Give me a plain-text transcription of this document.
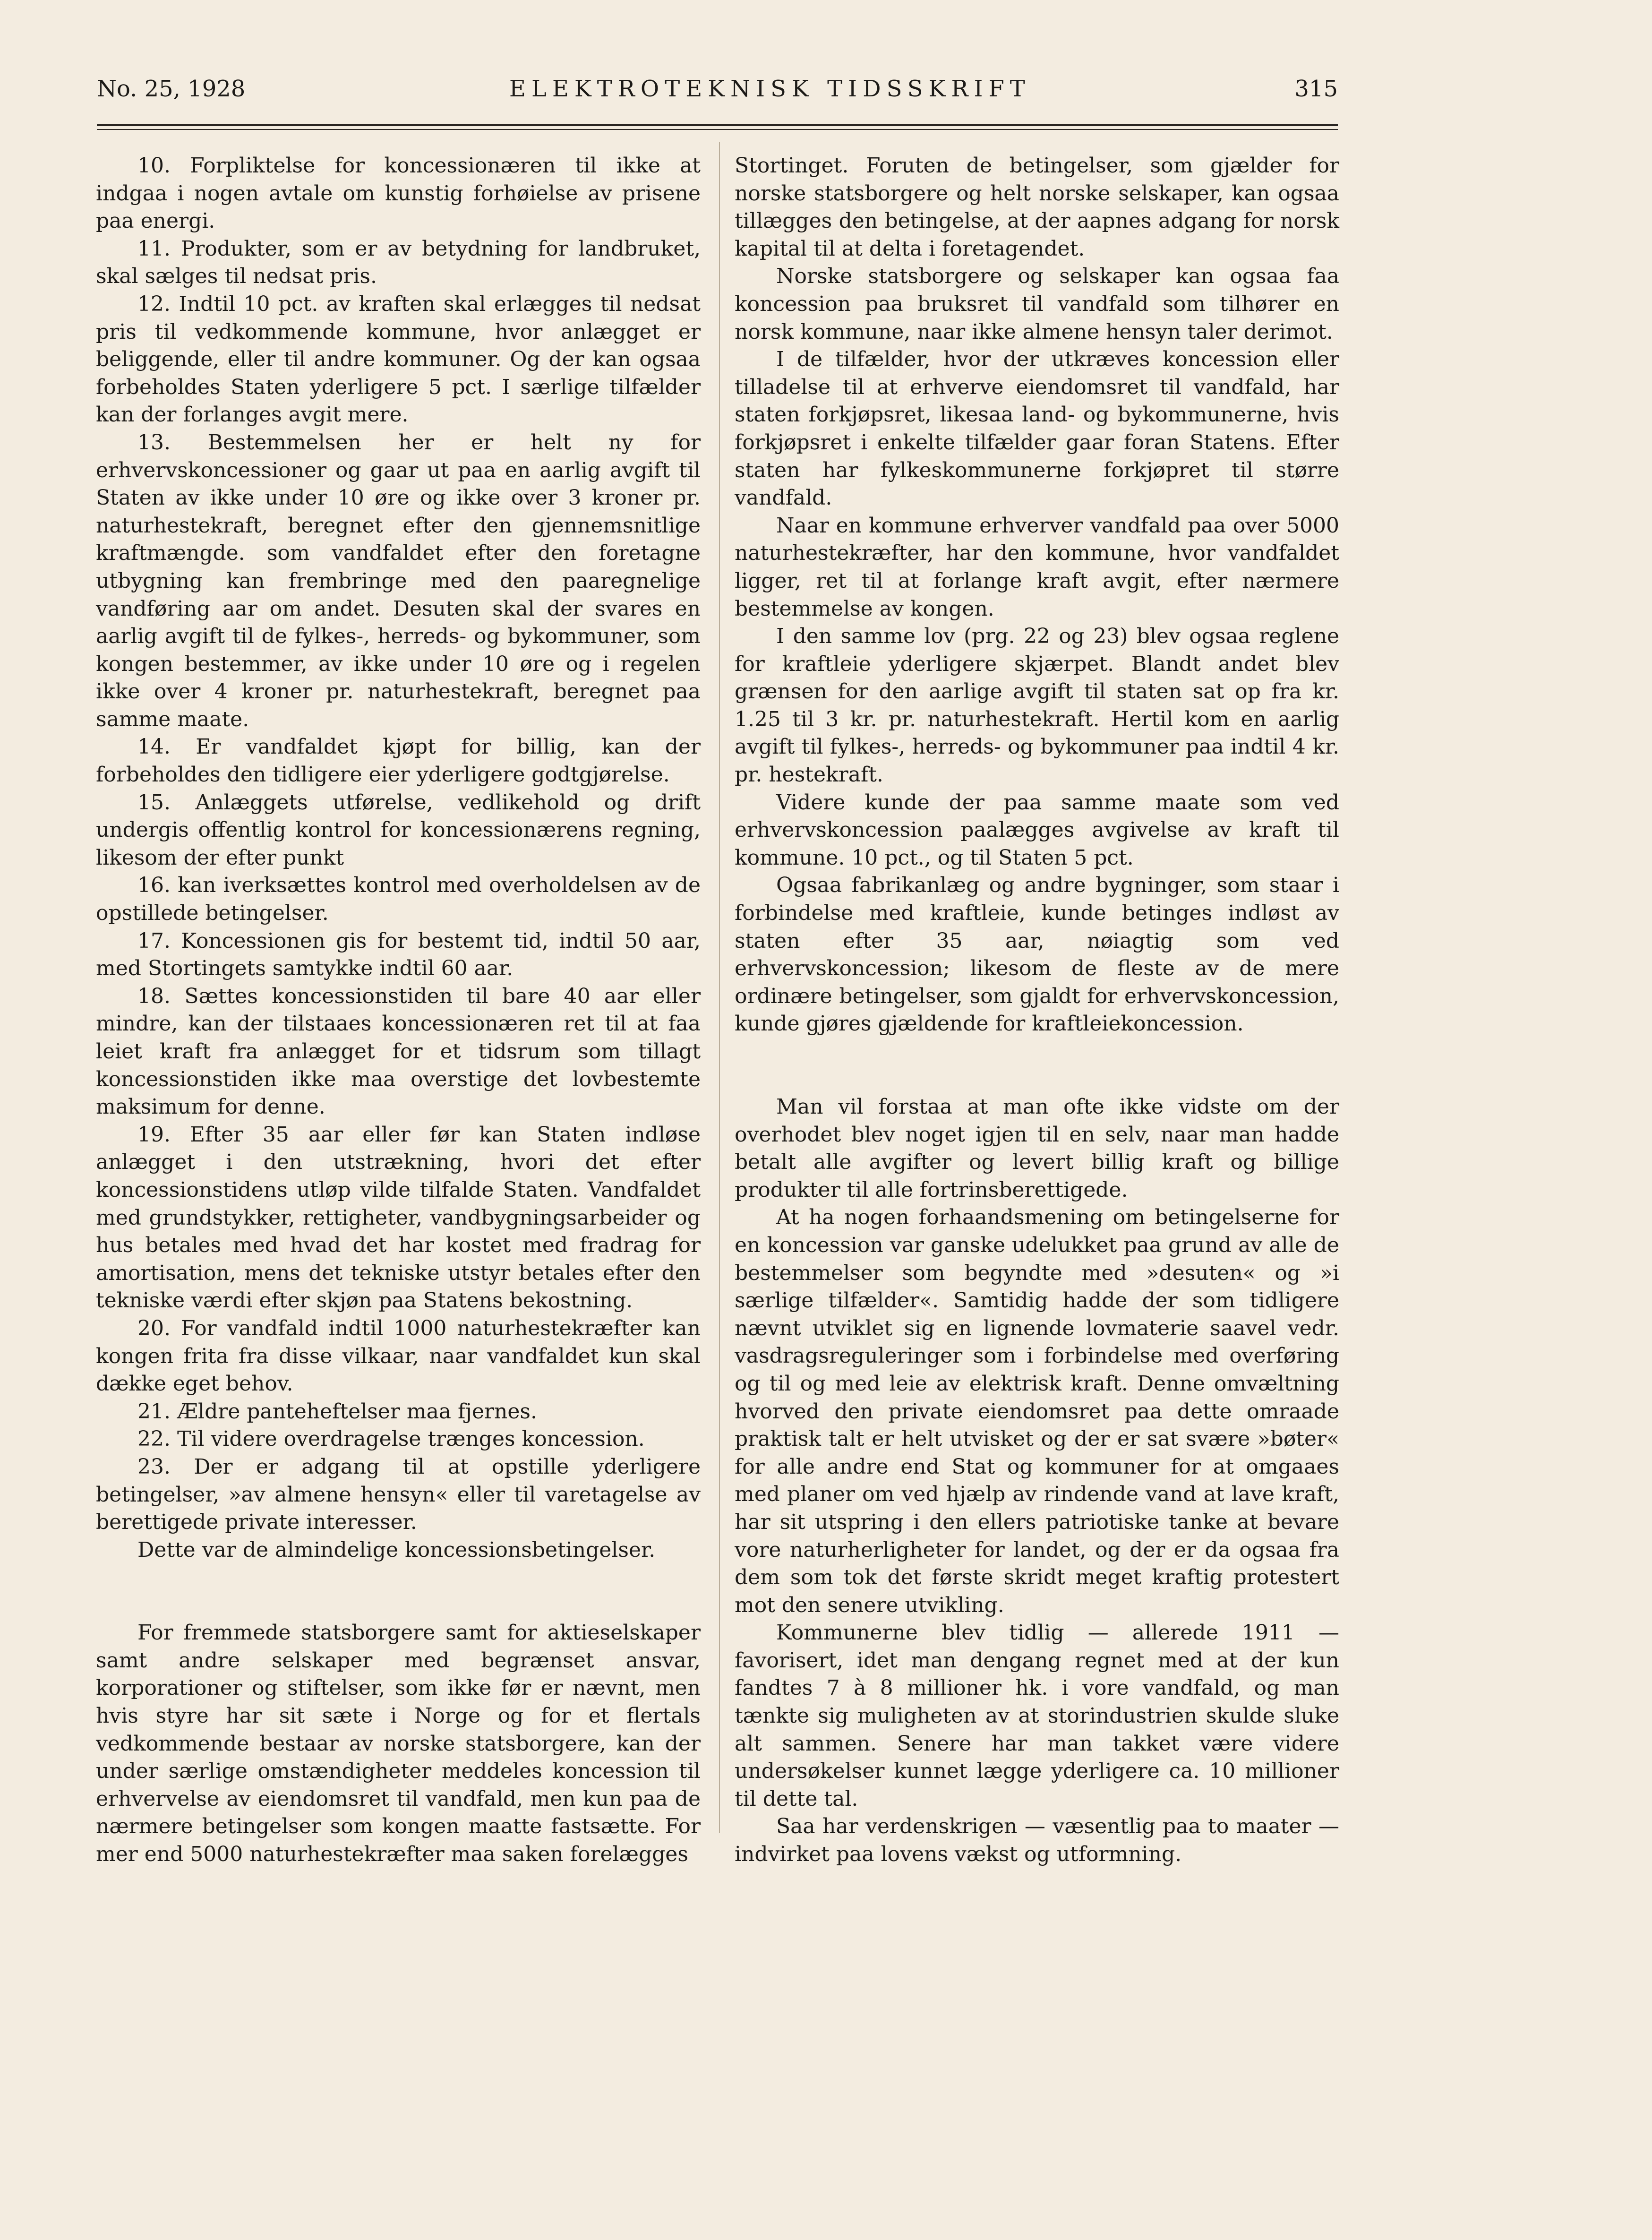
No. 25, 1928	ELEKTROTEKNISK TIDSSKRIFT	315

10. Forpliktelse for koncessionæren til ikke at indgaa i nogen avtale om kunstig forhøielse av prisene paa energi.

11. Produkter, som er av betydning for landbruket, skal sælges til nedsat pris.

12. Indtil 10 pct. av kraften skal erlægges til nedsat pris til vedkommende kommune, hvor anlægget er beliggende, eller til andre kommuner. Og der kan ogsaa forbeholdes Staten yderligere 5 pct. I særlige tilfælder kan der forlanges avgit mere.

13. Bestemmelsen her er helt ny for erhvervskoncessioner og gaar ut paa en aarlig avgift til Staten av ikke under 10 øre og ikke over 3 kroner pr. naturhestekraft, beregnet efter den gjennemsnitlige kraftmængde. som vandfaldet efter den foretagne utbygning kan frembringe med den paaregnelige vandføring aar om andet. Desuten skal der svares en aarlig avgift til de fylkes-, herreds- og bykommuner, som kongen bestemmer, av ikke under 10 øre og i regelen ikke over 4 kroner pr. naturhestekraft, beregnet paa samme maate.

14. Er vandfaldet kjøpt for billig, kan der forbeholdes den tidligere eier yderligere godtgjørelse.

15. Anlæggets utførelse, vedlikehold og drift undergis offentlig kontrol for koncessionærens regning, likesom der efter punkt

16. kan iverksættes kontrol med overholdelsen av de opstillede betingelser.

17. Koncessionen gis for bestemt tid, indtil 50 aar, med Stortingets samtykke indtil 60 aar.

18. Sættes koncessionstiden til bare 40 aar eller mindre, kan der tilstaaes koncessionæren ret til at faa leiet kraft fra anlægget for et tidsrum som tillagt koncessionstiden ikke maa overstige det lovbestemte maksimum for denne.

19. Efter 35 aar eller før kan Staten indløse anlægget i den utstrækning, hvori det efter koncessionstidens utløp vilde tilfalde Staten. Vandfaldet med grundstykker, rettigheter, vandbygningsarbeider og hus betales med hvad det har kostet med fradrag for amortisation, mens det tekniske utstyr betales efter den tekniske værdi efter skjøn paa Statens bekostning.

20. For vandfald indtil 1000 naturhestekræfter kan kongen frita fra disse vilkaar, naar vandfaldet kun skal dække eget behov.

21. Ældre panteheftelser maa fjernes.

22. Til videre overdragelse trænges koncession.

23. Der er adgang til at opstille yderligere betingelser, »av almene hensyn« eller til varetagelse av berettigede private interesser.

Dette var de almindelige koncessionsbetingelser.

For fremmede statsborgere samt for aktieselskaper samt andre selskaper med begrænset ansvar, korporationer og stiftelser, som ikke før er nævnt, men hvis styre har sit sæte i Norge og for et flertals vedkommende bestaar av norske statsborgere, kan der under særlige omstændigheter meddeles koncession til erhvervelse av eiendomsret til vandfald, men kun paa de nærmere betingelser som kongen maatte fastsætte. For mer end 5000 naturhestekræfter maa saken forelægges

Stortinget. Foruten de betingelser, som gjælder for norske statsborgere og helt norske selskaper, kan ogsaa tillægges den betingelse, at der aapnes adgang for norsk kapital til at delta i foretagendet.

Norske statsborgere og selskaper kan ogsaa faa koncession paa bruksret til vandfald som tilhører en norsk kommune, naar ikke almene hensyn taler derimot.

I de tilfælder, hvor der utkræves koncession eller tilladelse til at erhverve eiendomsret til vandfald, har staten forkjøpsret, likesaa land- og bykommunerne, hvis forkjøpsret i enkelte tilfælder gaar foran Statens. Efter staten har fylkeskommunerne forkjøpret til større vandfald.

Naar en kommune erhverver vandfald paa over 5000 naturhestekræfter, har den kommune, hvor vandfaldet ligger, ret til at forlange kraft avgit, efter nærmere bestemmelse av kongen.

I den samme lov (prg. 22 og 23) blev ogsaa reglene for kraftleie yderligere skjærpet. Blandt andet blev grænsen for den aarlige avgift til staten sat op fra kr. 1.25 til 3 kr. pr. naturhestekraft. Hertil kom en aarlig avgift til fylkes-, herreds- og bykommuner paa indtil 4 kr. pr. hestekraft.

Videre kunde der paa samme maate som ved erhvervskoncession paalægges avgivelse av kraft til kommune. 10 pct., og til Staten 5 pct.

Ogsaa fabrikanlæg og andre bygninger, som staar i forbindelse med kraftleie, kunde betinges indløst av staten efter 35 aar, nøiagtig som ved erhvervskoncession; likesom de fleste av de mere ordinære betingelser, som gjaldt for erhvervskoncession, kunde gjøres gjældende for kraftleiekoncession.

Man vil forstaa at man ofte ikke vidste om der overhodet blev noget igjen til en selv, naar man hadde betalt alle avgifter og levert billig kraft og billige produkter til alle fortrinsberettigede.

At ha nogen forhaandsmening om betingelserne for en koncession var ganske udelukket paa grund av alle de bestemmelser som begyndte med »desuten« og »i særlige tilfælder«. Samtidig hadde der som tidligere nævnt utviklet sig en lignende lovmaterie saavel vedr. vasdragsreguleringer som i forbindelse med overføring og til og med leie av elektrisk kraft. Denne omvæltning hvorved den private eiendomsret paa dette omraade praktisk talt er helt utvisket og der er sat svære »bøter« for alle andre end Stat og kommuner for at omgaaes med planer om ved hjælp av rindende vand at lave kraft, har sit utspring i den ellers patriotiske tanke at bevare vore naturherligheter for landet, og der er da ogsaa fra dem som tok det første skridt meget kraftig protestert mot den senere utvikling.

Kommunerne blev tidlig — allerede 1911 — favorisert, idet man dengang regnet med at der kun fandtes 7 à 8 millioner hk. i vore vandfald, og man tænkte sig muligheten av at storindustrien skulde sluke alt sammen. Senere har man takket være videre undersøkelser kunnet lægge yderligere ca. 10 millioner til dette tal.

Saa har verdenskrigen — væsentlig paa to maater — indvirket paa lovens vækst og utformning.
